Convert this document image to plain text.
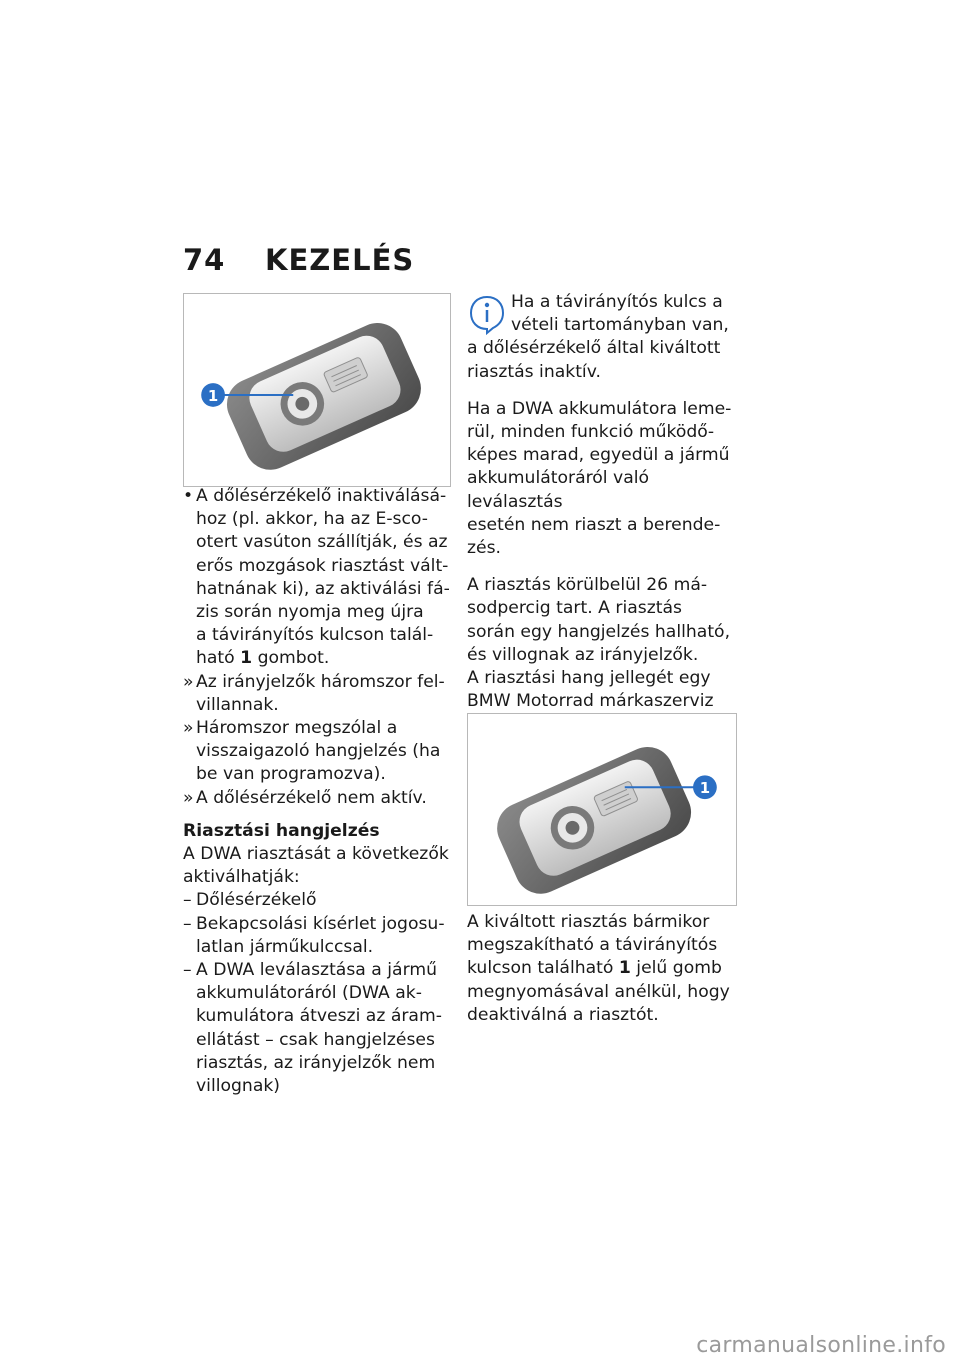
74 KEZELÉS
1
• A dőlésérzékelő inaktiválásá-
hoz (pl. akkor, ha az E-sco-
otert vasúton szállítják, és az
erős mozgások riasztást vált-
hatnának ki), az aktiválási fá-
zis során nyomja meg újra
a távirányítós kulcson talál-
ható 1 gombot.
» Az irányjelzők háromszor fel-
villannak.
» Háromszor megszólal a
visszaigazoló hangjelzés (ha
be van programozva).
» A dőlésérzékelő nem aktív.
Riasztási hangjelzés
A DWA riasztását a következők
aktiválhatják:
– Dőlésérzékelő
– Bekapcsolási kísérlet jogosu-
latlan járműkulccsal.
– A DWA leválasztása a jármű
akkumulátoráról (DWA ak-
kumulátora átveszi az áram-
ellátást – csak hangjelzéses
riasztás, az irányjelzők nem
villognak)
Ha a távirányítós kulcs a
vételi tartományban van,
a dőlésérzékelő által kiváltott
riasztás inaktív.
Ha a DWA akkumulátora leme-
rül, minden funkció működő-
képes marad, egyedül a jármű
akkumulátoráról való leválasztás
esetén nem riaszt a berende-
zés.
A riasztás körülbelül 26 má-
sodpercig tart. A riasztás
során egy hangjelzés hallható,
és villognak az irányjelzők.
A riasztási hang jellegét egy
BMW Motorrad márkaszerviz
1
A kiváltott riasztás bármikor
megszakítható a távirányítós
kulcson található 1 jelű gomb
megnyomásával anélkül, hogy
deaktiválná a riasztót.
carmanualsonline.info
